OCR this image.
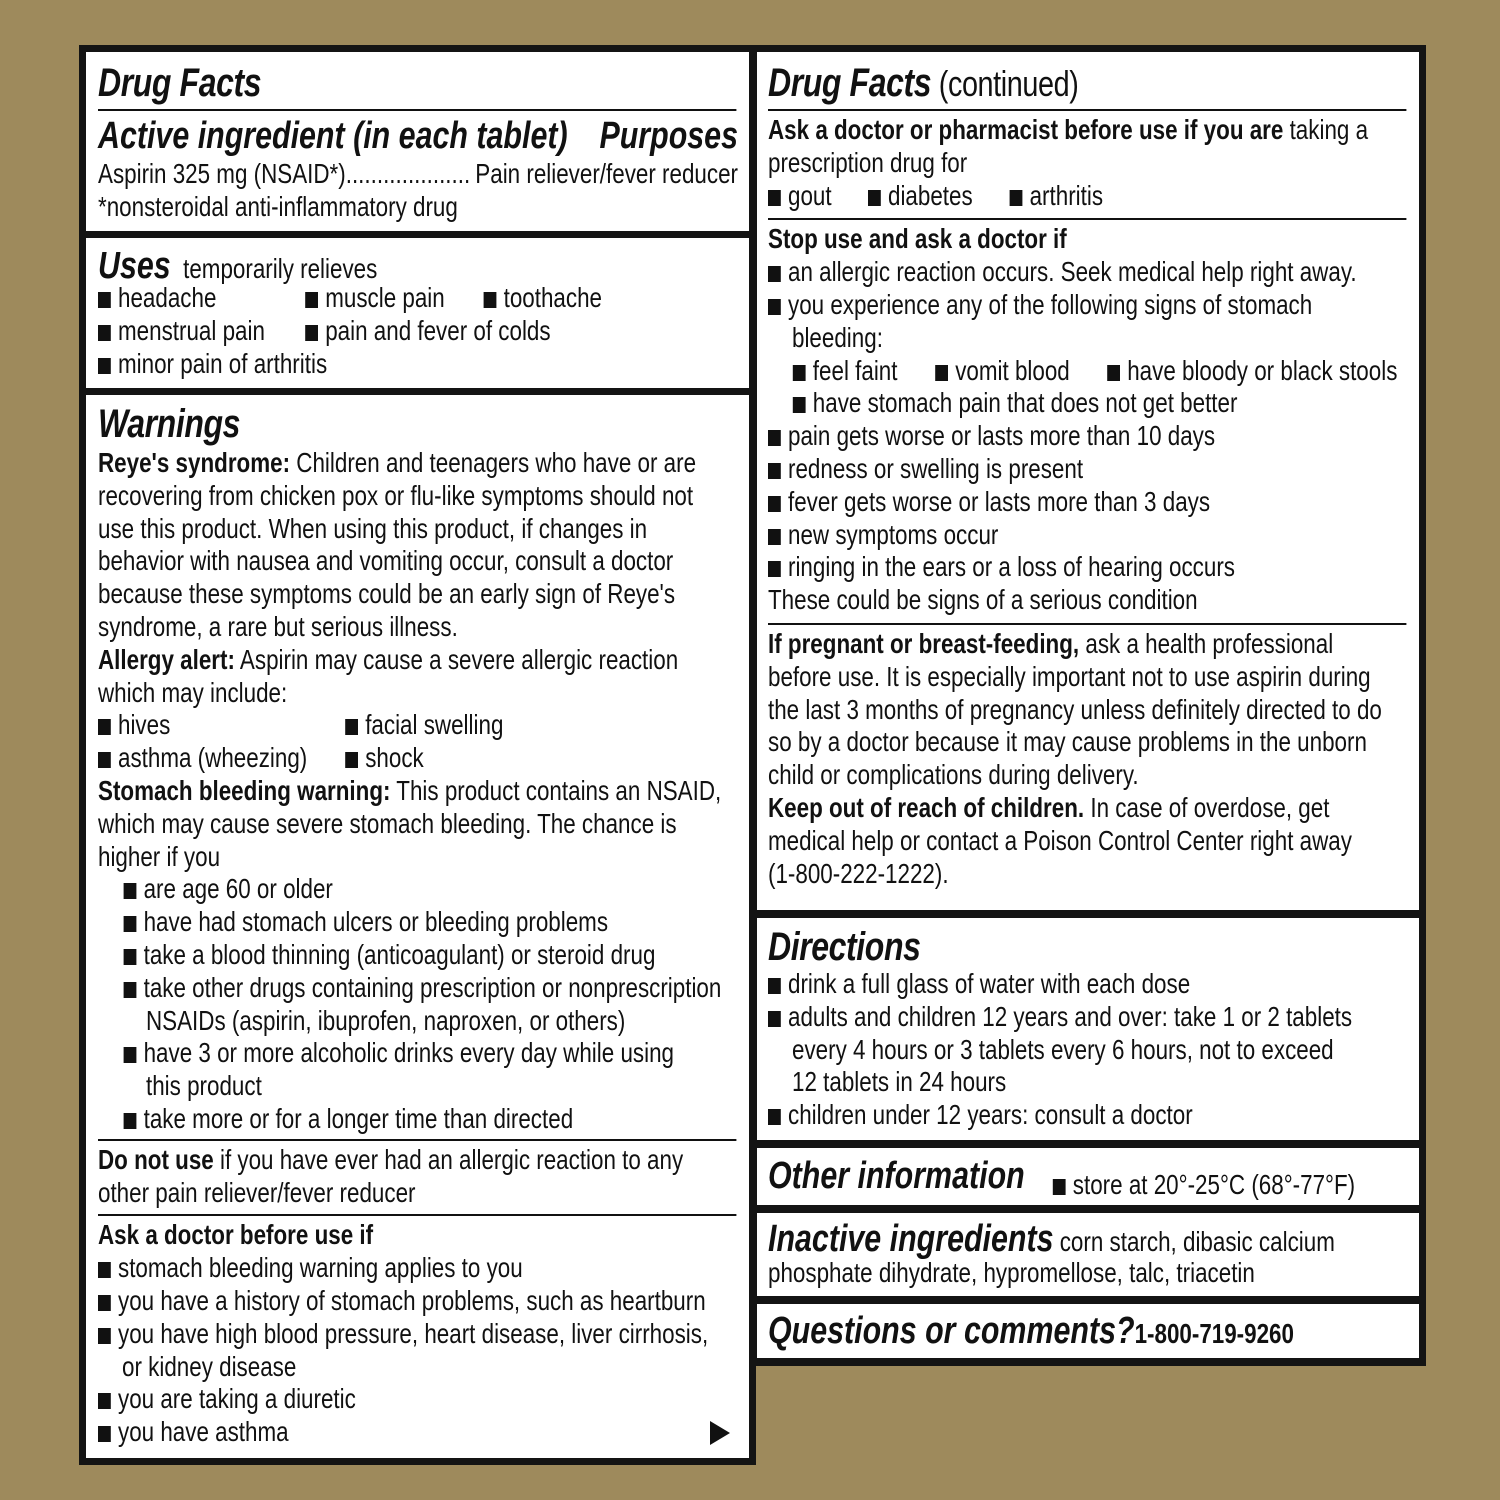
Drug Facts
Active ingredient (in each tablet) Purposes
Aspirin 325 mg (NSAID*).................... Pain reliever/fever reducer
*nonsteroidal anti-inflammatory drug
Uses temporarily relieves
headache	muscle pain	toothache
menstrual pain	pain and fever of colds
minor pain of arthritis
Warnings
Reye's syndrome: Children and teenagers who have or are
recovering from chicken pox or flu-like symptoms should not
use this product. When using this product, if changes in
behavior with nausea and vomiting occur, consult a doctor
because these symptoms could be an early sign of Reye's
syndrome, a rare but serious illness.
Allergy alert: Aspirin may cause a severe allergic reaction
which may include:
hives	facial swelling
asthma (wheezing)	shock
Stomach bleeding warning: This product contains an NSAID,
which may cause severe stomach bleeding. The chance is
higher if you
are age 60 or older
have had stomach ulcers or bleeding problems
take a blood thinning (anticoagulant) or steroid drug
take other drugs containing prescription or nonprescription
NSAIDs (aspirin, ibuprofen, naproxen, or others)
have 3 or more alcoholic drinks every day while using
this product
take more or for a longer time than directed
Do not use if you have ever had an allergic reaction to any
other pain reliever/fever reducer
Ask a doctor before use if
stomach bleeding warning applies to you
you have a history of stomach problems, such as heartburn
you have high blood pressure, heart disease, liver cirrhosis,
or kidney disease
you are taking a diuretic
you have asthma
Drug Facts (continued)
Ask a doctor or pharmacist before use if you are taking a
prescription drug for
gout	diabetes	arthritis
Stop use and ask a doctor if
an allergic reaction occurs. Seek medical help right away.
you experience any of the following signs of stomach
bleeding:
feel faint	vomit blood	have bloody or black stools
have stomach pain that does not get better
pain gets worse or lasts more than 10 days
redness or swelling is present
fever gets worse or lasts more than 3 days
new symptoms occur
ringing in the ears or a loss of hearing occurs
These could be signs of a serious condition
If pregnant or breast-feeding, ask a health professional
before use. It is especially important not to use aspirin during
the last 3 months of pregnancy unless definitely directed to do
so by a doctor because it may cause problems in the unborn
child or complications during delivery.
Keep out of reach of children. In case of overdose, get
medical help or contact a Poison Control Center right away
(1-800-222-1222).
Directions
drink a full glass of water with each dose
adults and children 12 years and over: take 1 or 2 tablets
every 4 hours or 3 tablets every 6 hours, not to exceed
12 tablets in 24 hours
children under 12 years: consult a doctor
Other information	store at 20°-25°C (68°-77°F)
Inactive ingredients corn starch, dibasic calcium
phosphate dihydrate, hypromellose, talc, triacetin
Questions or comments?1-800-719-9260
